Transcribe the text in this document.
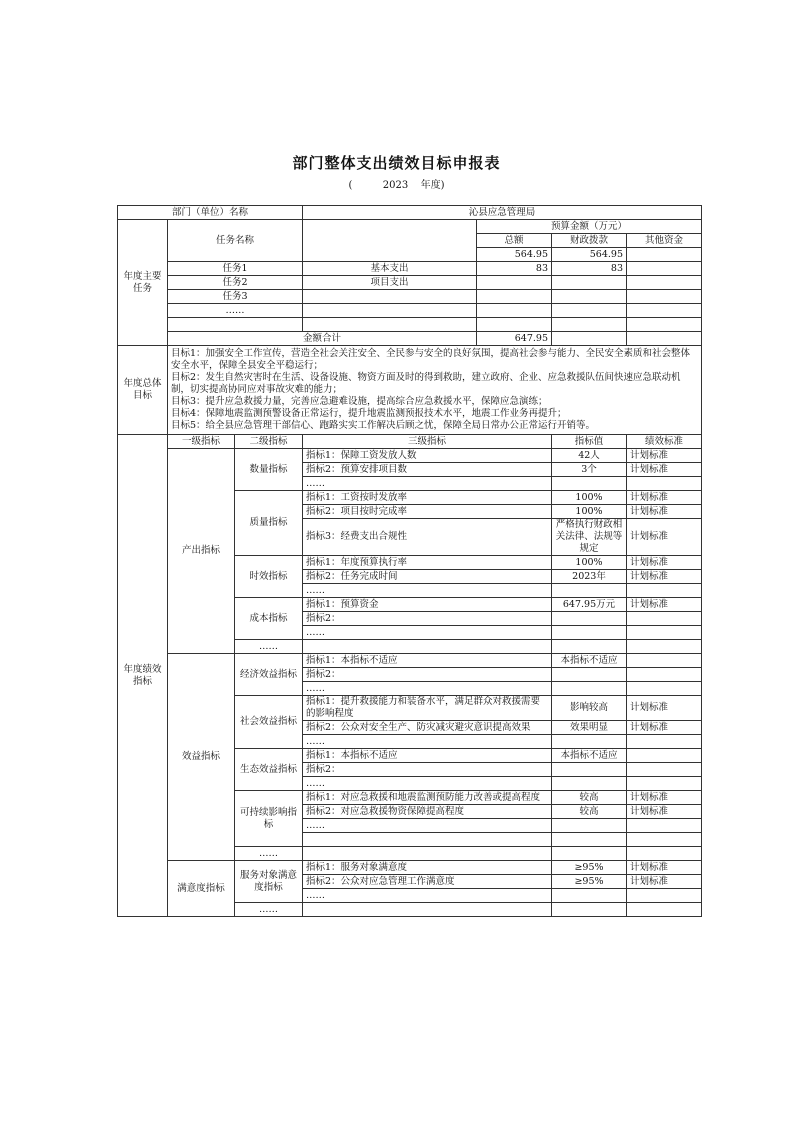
部门整体支出绩效目标申报表
(	2023 年度)
部门（单位）名称			沁县应急管理局			
年度主要任务	任务名称			预算金额（万元）		
				总额	财政拨款	其他资金
				564.95	564.95	
	任务1		基本支出	83	83	
	任务2		项目支出			
	任务3					
	……					

	金额合计			647.95		
年度总体目标	目标1：加强安全工作宣传，营造全社会关注安全、全民参与安全的良好氛围，提高社会参与能力、全民安全素质和社会整体安全水平，保障全县安全平稳运行；
目标2：发生自然灾害时在生活、设备设施、物资方面及时的得到救助，建立政府、企业、应急救援队伍间快速应急联动机制，切实提高协同应对事故灾难的能力；
目标3：提升应急救援力量，完善应急避难设施，提高综合应急救援水平，保障应急演练；
目标4：保障地震监测预警设备正常运行，提升地震监测预报技术水平，地震工作业务再提升；
目标5：给全县应急管理干部信心、跑路实实工作解决后顾之忧，保障全局日常办公正常运行开销等。					

年度绩效指标	一级指标	二级指标	三级指标		指标值	绩效标准
	产出指标	数量指标	指标1：保障工资发放人数		42人	计划标准
			指标2：预算安排项目数		3个	计划标准
			……			
		质量指标	指标1：工资按时发放率		100%	计划标准
			指标2：项目按时完成率		100%	计划标准
			指标3：经费支出合规性		严格执行财政相关法律、法规等规定	计划标准

		时效指标	指标1：年度预算执行率		100%	计划标准
			指标2：任务完成时间		2023年	计划标准
			……			
		成本指标	指标1：预算资金		647.95万元	计划标准

			指标2：			
			……			
		……				
	效益指标	经济效益指标	指标1：本指标不适应		本指标不适应	
			指标2：			
			……			
		社会效益指标	指标1：提升救援能力和装备水平，满足群众对救援需要的影响程度		影响较高	计划标准

			指标2：公众对安全生产、防灾减灾避灾意识提高效果		效果明显	计划标准

			……			
		生态效益指标	指标1：本指标不适应		本指标不适应	
			指标2：			
			……			
		可持续影响指标	指标1：对应急救援和地震监测预防能力改善或提高程度		较高	计划标准

			指标2：对应急救援物资保障提高程度		较高	计划标准
			……			

		……				
	满意度指标	服务对象满意度指标	指标1：服务对象满意度		≥95%	计划标准
			指标2：公众对应急管理工作满意度		≥95%	计划标准
			……			
		……				
